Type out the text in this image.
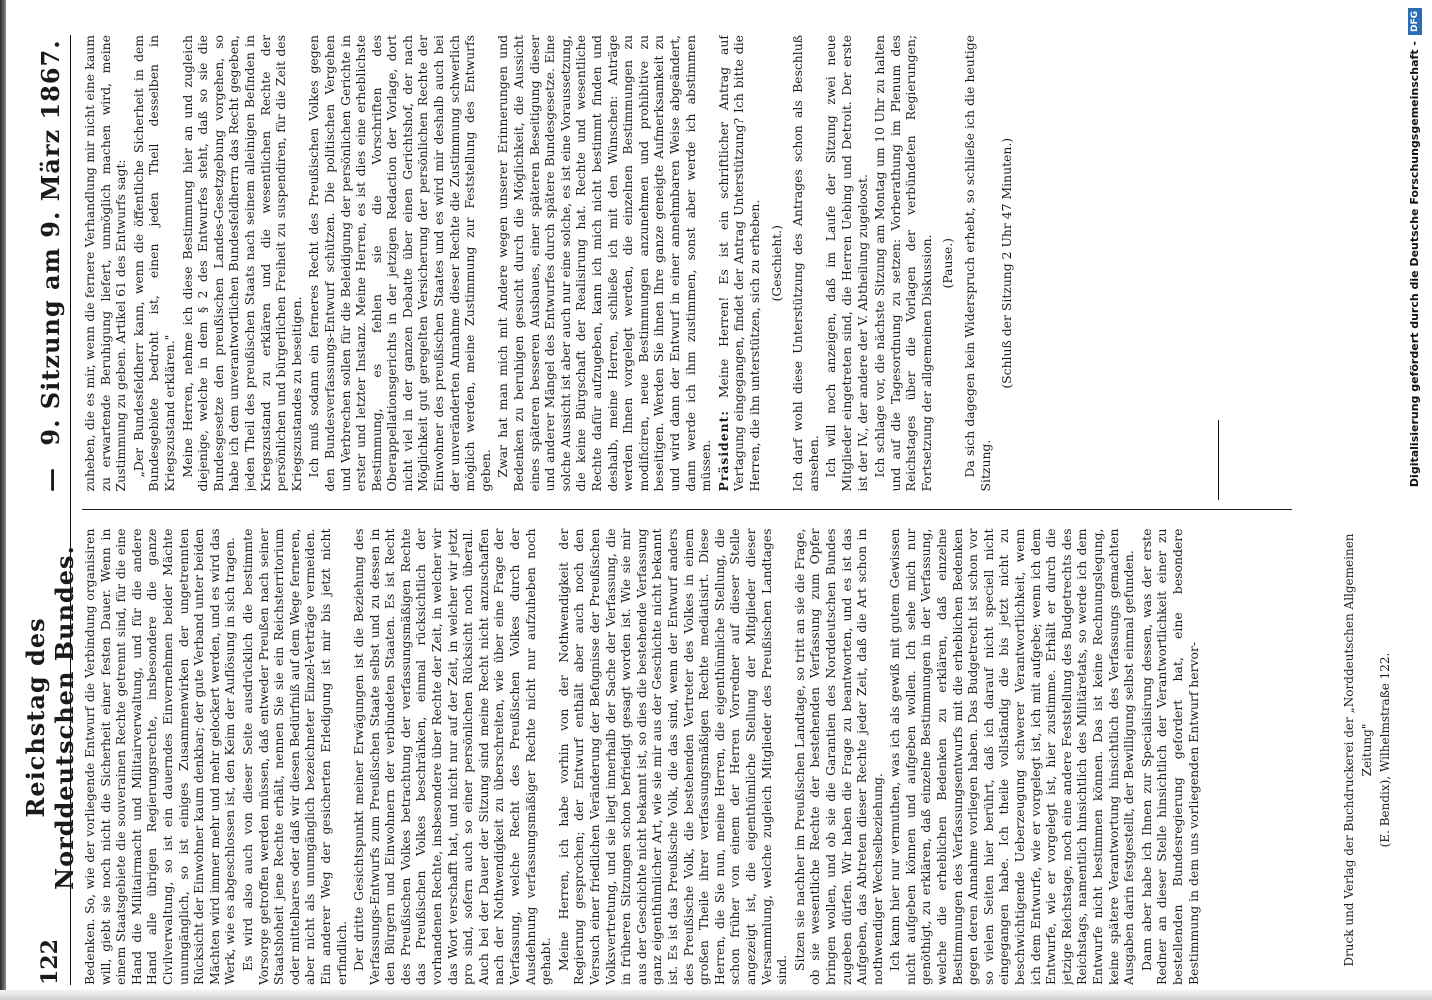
122
Reichstag des Norddeutschen Bundes.
—
9. Sitzung am 9. März 1867.

Bedenken. So, wie der vorliegende Entwurf die Verbindung organisiren will, giebt sie noch nicht die Sicherheit einer festen Dauer. Wenn in einem Staatsgebiete die souverainen Rechte getrennt sind, für die eine Hand die Militairmacht und Militairverwaltung, und für die andere Hand alle übrigen Regierungsrechte, insbesondere die ganze Civilverwaltung, so ist ein dauerndes Einvernehmen beider Mächte unumgänglich, so ist einiges Zusammenwirken der ungetrennten Rücksicht der Einwohner kaum denkbar; der gute Verband unter beiden Mächten wird immer mehr und mehr gelockert werden, und es wird das Werk, wie es abgeschlossen ist, den Keim der Auflösung in sich tragen. Es wird also auch von dieser Seite ausdrücklich die bestimmte Vorsorge getroffen werden müssen, daß entweder Preußen nach seiner Staatshoheit jene Rechte erhält, nennen Sie sie ein Reichsterritorium oder mittelbares oder daß wir diesen Bedürfniß auf dem Wege ferneren, aber nicht als unumgänglich bezeichneter Einzel-Verträge vermeiden. Ein anderer Weg der gesicherten Erledigung ist mir bis jetzt nicht erfindlich. Der dritte Gesichtspunkt meiner Erwägungen ist die Beziehung des Verfassungs-Entwurfs zum Preußischen Staate selbst und zu dessen in den Bürgern und Einwohnern der verbündeten Staaten. Es ist Recht des Preußischen Volkes betrachtung der verfassungsmäßigen Rechte das Preußischen Volkes beschränken, einmal rücksichtlich der vorhandenen Rechte, insbesondere über Rechte der Zeit, in welcher wir das Wort verschafft hat, und nicht nur auf der Zeit, in welcher wir jetzt pro sind, sofern auch so einer persönlichen Rücksicht noch überall. Auch bei der Dauer der Sitzung sind meine Recht nicht anzuschaffen nach der Nothwendigkeit zu überschreiten, wie über eine Frage der Verfassung, welche Recht des Preußischen Volkes durch der Ausdehnung verfassungsmäßiger Rechte nicht nur aufzuheben noch gehabt. Meine Herren, ich habe vorhin von der Nothwendigkeit der Regierung gesprochen; der Entwurf enthält aber auch noch den Versuch einer friedlichen Veränderung der Befugnisse der Preußischen Volksvertretung, und sie liegt innerhalb der Sache der Verfassung, die in früheren Sitzungen schon befriedigt gesagt worden ist. Wie sie mir aus der Geschichte nicht bekannt ist, so dies die bestehende Verfassung ganz eigenthümlicher Art, wie sie mir aus der Geschichte nicht bekannt ist. Es ist das Preußische Volk, die das sind, wenn der Entwurf anders des Preußische Volk, die bestehenden Vertreter des Volkes in einem großen Theile ihrer verfassungsmäßigen Rechte mediatisirt. Diese Herren, die Sie nun, meine Herren, die eigenthümliche Stellung, die schon früher von einem der Herren Vorredner auf dieser Stelle angezeigt ist, die eigenthümliche Stellung der Mitglieder dieser Versammlung, welche zugleich Mitglieder des Preußischen Landtages sind. Sitzen sie nachher im Preußischen Landtage, so tritt an sie die Frage, ob sie wesentliche Rechte der bestehenden Verfassung zum Opfer bringen wollen, und ob sie die Garantien des Norddeutschen Bundes zugeben dürfen. Wir haben die Frage zu beantworten, und es ist das Aufgeben, das Abtreten dieser Rechte jeder Zeit, daß die Art schon in nothwendiger Wechselbeziehung. Ich kann hier nur vermuthen, was ich als gewiß mit gutem Gewissen nicht aufgeben können und aufgeben wollen. Ich sehe mich nur genöthigt, zu erklären, daß einzelne Bestimmungen in der Verfassung, welche die erheblichen Bedenken zu erklären, daß einzelne Bestimmungen des Verfassungsentwurfs mit die erheblichen Bedenken gegen deren Annahme vorliegen haben. Das Budgetrecht ist schon vor so vielen Seiten hier berührt, daß ich darauf nicht speciell nicht eingegangen habe. Ich theile vollständig die bis jetzt nicht zu beschwichtigende Ueberzeugung schwerer Verantwortlichkeit, wenn ich dem Entwurfe, wie er vorgelegt ist, ich mit aufgebe; wenn ich dem Entwurfe, wie er vorgelegt ist, hier zustimme. Erhält er durch die jetzige Reichstage, noch eine andere Feststellung des Budgetrechts des Reichstags, namentlich hinsichtlich des Militäretats, so werde ich dem Entwurfe nicht bestimmen können. Das ist keine Rechnungslegung, keine spätere Verantwortung hinsichtlich des Verfassungs gemachten Ausgaben darin festgestellt, der Bewilligung selbst einmal gefunden. Dann aber habe ich Ihnen zur Specialisirung dessen, was der erste Redner an dieser Stelle hinsichtlich der Verantwortlichkeit einer zu bestellenden Bundesregierung gefordert hat, eine besondere Bestimmung in dem uns vorliegenden Entwurf hervor-

zuheben, die es mir, wenn die fernere Verhandlung mir nicht eine kaum zu erwartende Beruhigung liefert, unmöglich machen wird, meine Zustimmung zu geben. Artikel 61 des Entwurfs sagt: „Der Bundesfeldherr kann, wenn die öffentliche Sicherheit in dem Bundesgebiete bedroht ist, einen jeden Theil desselben in Kriegszustand erklären." Meine Herren, nehme ich diese Bestimmung hier an und zugleich diejenige, welche in dem § 2 des Entwurfes steht, daß so sie die Bundesgesetze den preußischen Landes-Gesetzgebung vorgehen, so habe ich dem unverantwortlichen Bundesfeldherrn das Recht gegeben, jeden Theil des preußischen Staats nach seinem alleinigen Befinden in Kriegszustand zu erklären und die wesentlichen Rechte der persönlichen und bürgerlichen Freiheit zu suspendiren, für die Zeit des Kriegszustandes zu beseitigen. Ich muß sodann ein ferneres Recht des Preußischen Volkes gegen den Bundesverfassungs-Entwurf schützen. Die politischen Vergehen und Verbrechen sollen für die Beleidigung der persönlichen Gerichte in erster und letzter Instanz. Meine Herren, es ist dies eine erheblichste Bestimmung, es fehlen sie die Vorschriften des Oberappellationsgerichts in der jetzigen Redaction der Vorlage, dort nicht viel in der ganzen Debatte über einen Gerichtshof, der nach Möglichkeit gut geregelten Versicherung der persönlichen Rechte der Einwohner des preußischen Staates und es wird mir deshalb auch bei der unveränderten Annahme dieser Rechte die Zustimmung schwerlich möglich werden, meine Zustimmung zur Feststellung des Entwurfs geben. Zwar hat man mich mit Andere wegen unserer Erinnerungen und Bedenken zu beruhigen gesucht durch die Möglichkeit, die Aussicht eines späteren besseren Ausbaues, einer späteren Beseitigung dieser und anderer Mängel des Entwurfes durch spätere Bundesgesetze. Eine solche Aussicht ist aber auch nur eine solche, es ist eine Voraussetzung, die keine Bürgschaft der Realisirung hat. Rechte und wesentliche Rechte dafür aufzugeben, kann ich mich nicht bestimmt finden und deshalb, meine Herren, schließe ich mit den Wünschen: Anträge werden Ihnen vorgelegt werden, die einzelnen Bestimmungen zu modificiren, neue Bestimmungen anzunehmen und prohibitive zu beseitigen. Werden Sie ihnen Ihre ganze geneigte Aufmerksamkeit zu und wird dann der Entwurf in einer annehmbaren Weise abgeändert, dann werde ich ihm zustimmen, sonst aber werde ich abstimmen müssen. Präsident: Meine Herren! Es ist ein schriftlicher Antrag auf Vertagung eingegangen, findet der Antrag Unterstützung? Ich bitte die Herren, die ihn unterstützen, sich zu erheben. (Geschieht.) Ich darf wohl diese Unterstützung des Antrages schon als Beschluß ansehen. Ich will noch anzeigen, daß im Laufe der Sitzung zwei neue Mitglieder eingetreten sind, die Herren Uebing und Detroit. Der erste ist der IV., der andere der V. Abtheilung zugeloost. Ich schlage vor, die nächste Sitzung am Montag um 10 Uhr zu halten und auf die Tagesordnung zu setzen: Vorberathung im Plenum des Reichstages über die Vorlagen der verbündeten Regierungen; Fortsetzung der allgemeinen Diskussion. (Pause.) Da sich dagegen kein Widerspruch erhebt, so schließe ich die heutige Sitzung.

(Schluß der Sitzung 2 Uhr 47 Minuten.)

Druck und Verlag der Buchdruckerei der „Norddeutschen Allgemeinen Zeitung" (E. Bendix), Wilhelmstraße 122.
Digitalisierung gefördert durch die Deutsche Forschungsgemeinschaft -
DFG
